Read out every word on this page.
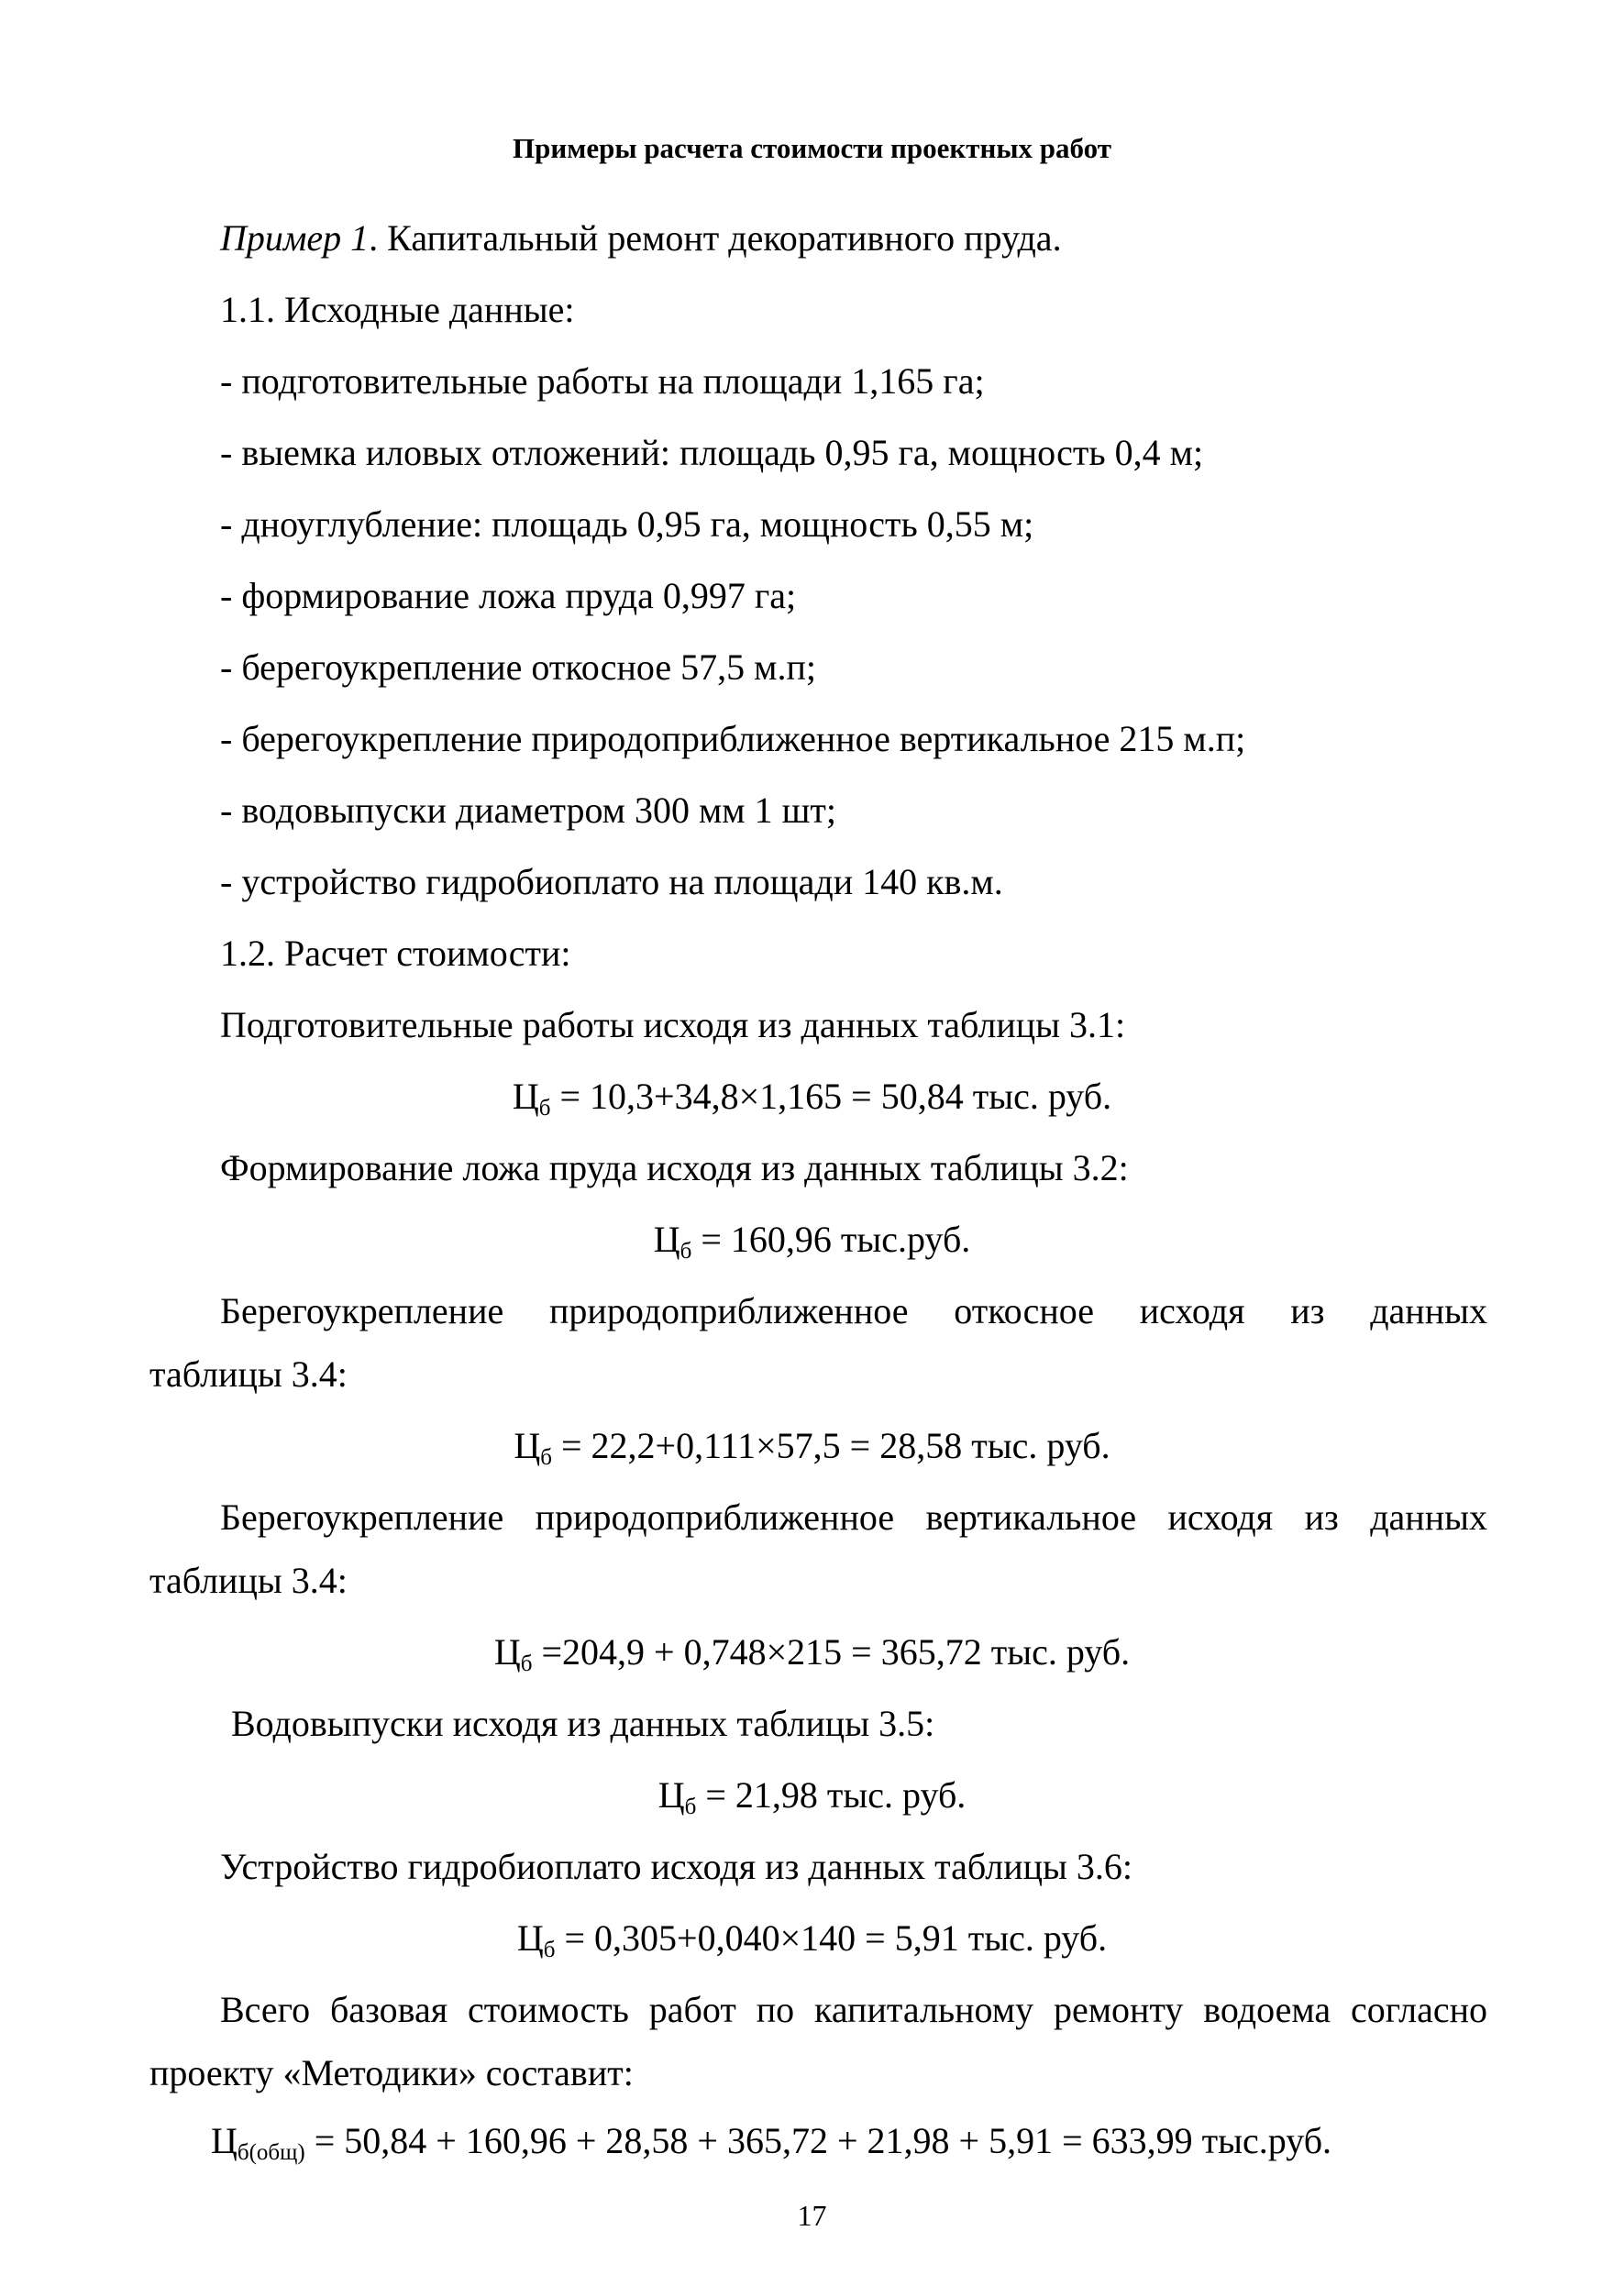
Примеры расчета стоимости проектных работ
Пример 1. Капитальный ремонт декоративного пруда.
1.1. Исходные данные:
- подготовительные работы на площади 1,165 га;
- выемка иловых отложений: площадь 0,95 га, мощность 0,4 м;
- дноуглубление: площадь 0,95 га, мощность 0,55 м;
- формирование ложа пруда 0,997 га;
- берегоукрепление откосное 57,5 м.п;
- берегоукрепление природоприближенное вертикальное 215 м.п;
- водовыпуски диаметром 300 мм 1 шт;
- устройство гидробиоплато на площади 140 кв.м.
1.2. Расчет стоимости:
Подготовительные работы исходя из данных таблицы 3.1:
$Ц_б = 10,3+34,8\times 1,165 = 50,84$ тыс. руб.
Формирование ложа пруда исходя из данных таблицы 3.2:
$Ц_б = 160,96$ тыс.руб.
Берегоукрепление природоприближенное откосное исходя из данных
таблицы 3.4:
$Ц_б = 22,2+0,111\times 57,5 = 28,58$ тыс. руб.
Берегоукрепление природоприближенное вертикальное исходя из данных
таблицы 3.4:
$Ц_б =204,9 + 0,748\times 215 = 365,72$ тыс. руб.
Водовыпуски исходя из данных таблицы 3.5:
$Ц_б = 21,98$ тыс. руб.
Устройство гидробиоплато исходя из данных таблицы 3.6:
$Ц_б = 0,305+0,040\times 140 = 5,91$ тыс. руб.
Всего базовая стоимость работ по капитальному ремонту водоема согласно
проекту «Методики» составит:
$Ц_{б(общ)} = 50,84 + 160,96 + 28,58 + 365,72 + 21,98 + 5,91 = 633,99$ тыс.руб.
17
